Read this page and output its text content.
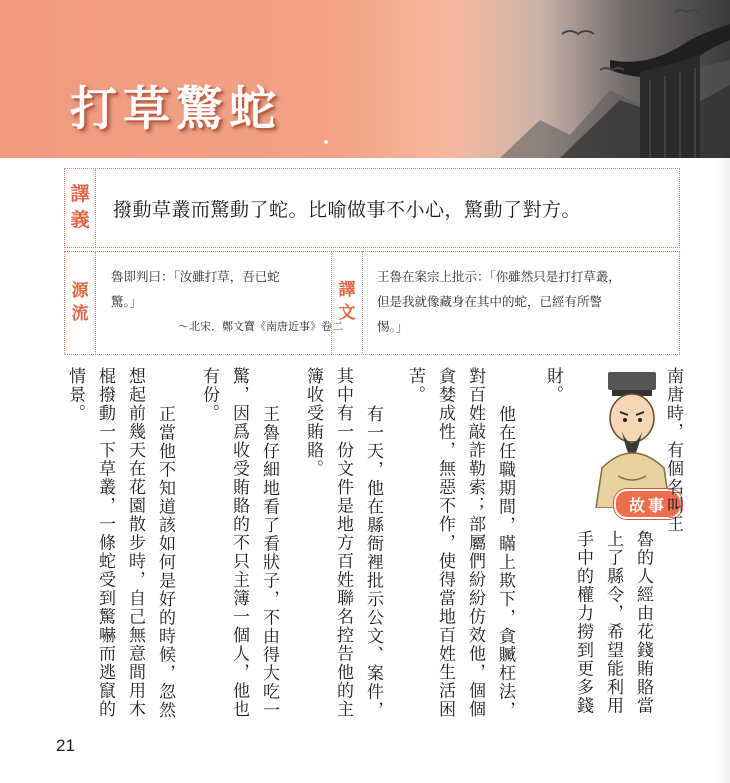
打草驚蛇
譯
義 撥動草叢而驚動了蛇。比喻做事不小心，驚動了對方。
源
流
魯即判曰：「汝雖打草，吾已蛇
驚。」
～北宋．鄭文寶《南唐近事》卷二
譯
文
王魯在案宗上批示：「你雖然只是打打草叢，
但是我就像藏身在其中的蛇，已經有所警
惕。」
故事
南唐時，有個名叫王
魯的人經由花錢賄賂當
上了縣令，希望能利用
手中的權力撈到更多錢
財。
他在任職期間，瞞上欺下，貪贓枉法，
對百姓敲詐勒索；部屬們紛紛仿效他，個個
貪婪成性，無惡不作，使得當地百姓生活困
苦。
有一天，他在縣衙裡批示公文、案件，
其中有一份文件是地方百姓聯名控告他的主
簿收受賄賂。
王魯仔細地看了看狀子，不由得大吃一
驚，因爲收受賄賂的不只主簿一個人，他也
有份。
正當他不知道該如何是好的時候，忽然
想起前幾天在花園散步時，自己無意間用木
棍撥動一下草叢，一條蛇受到驚嚇而逃竄的
情景。
21
